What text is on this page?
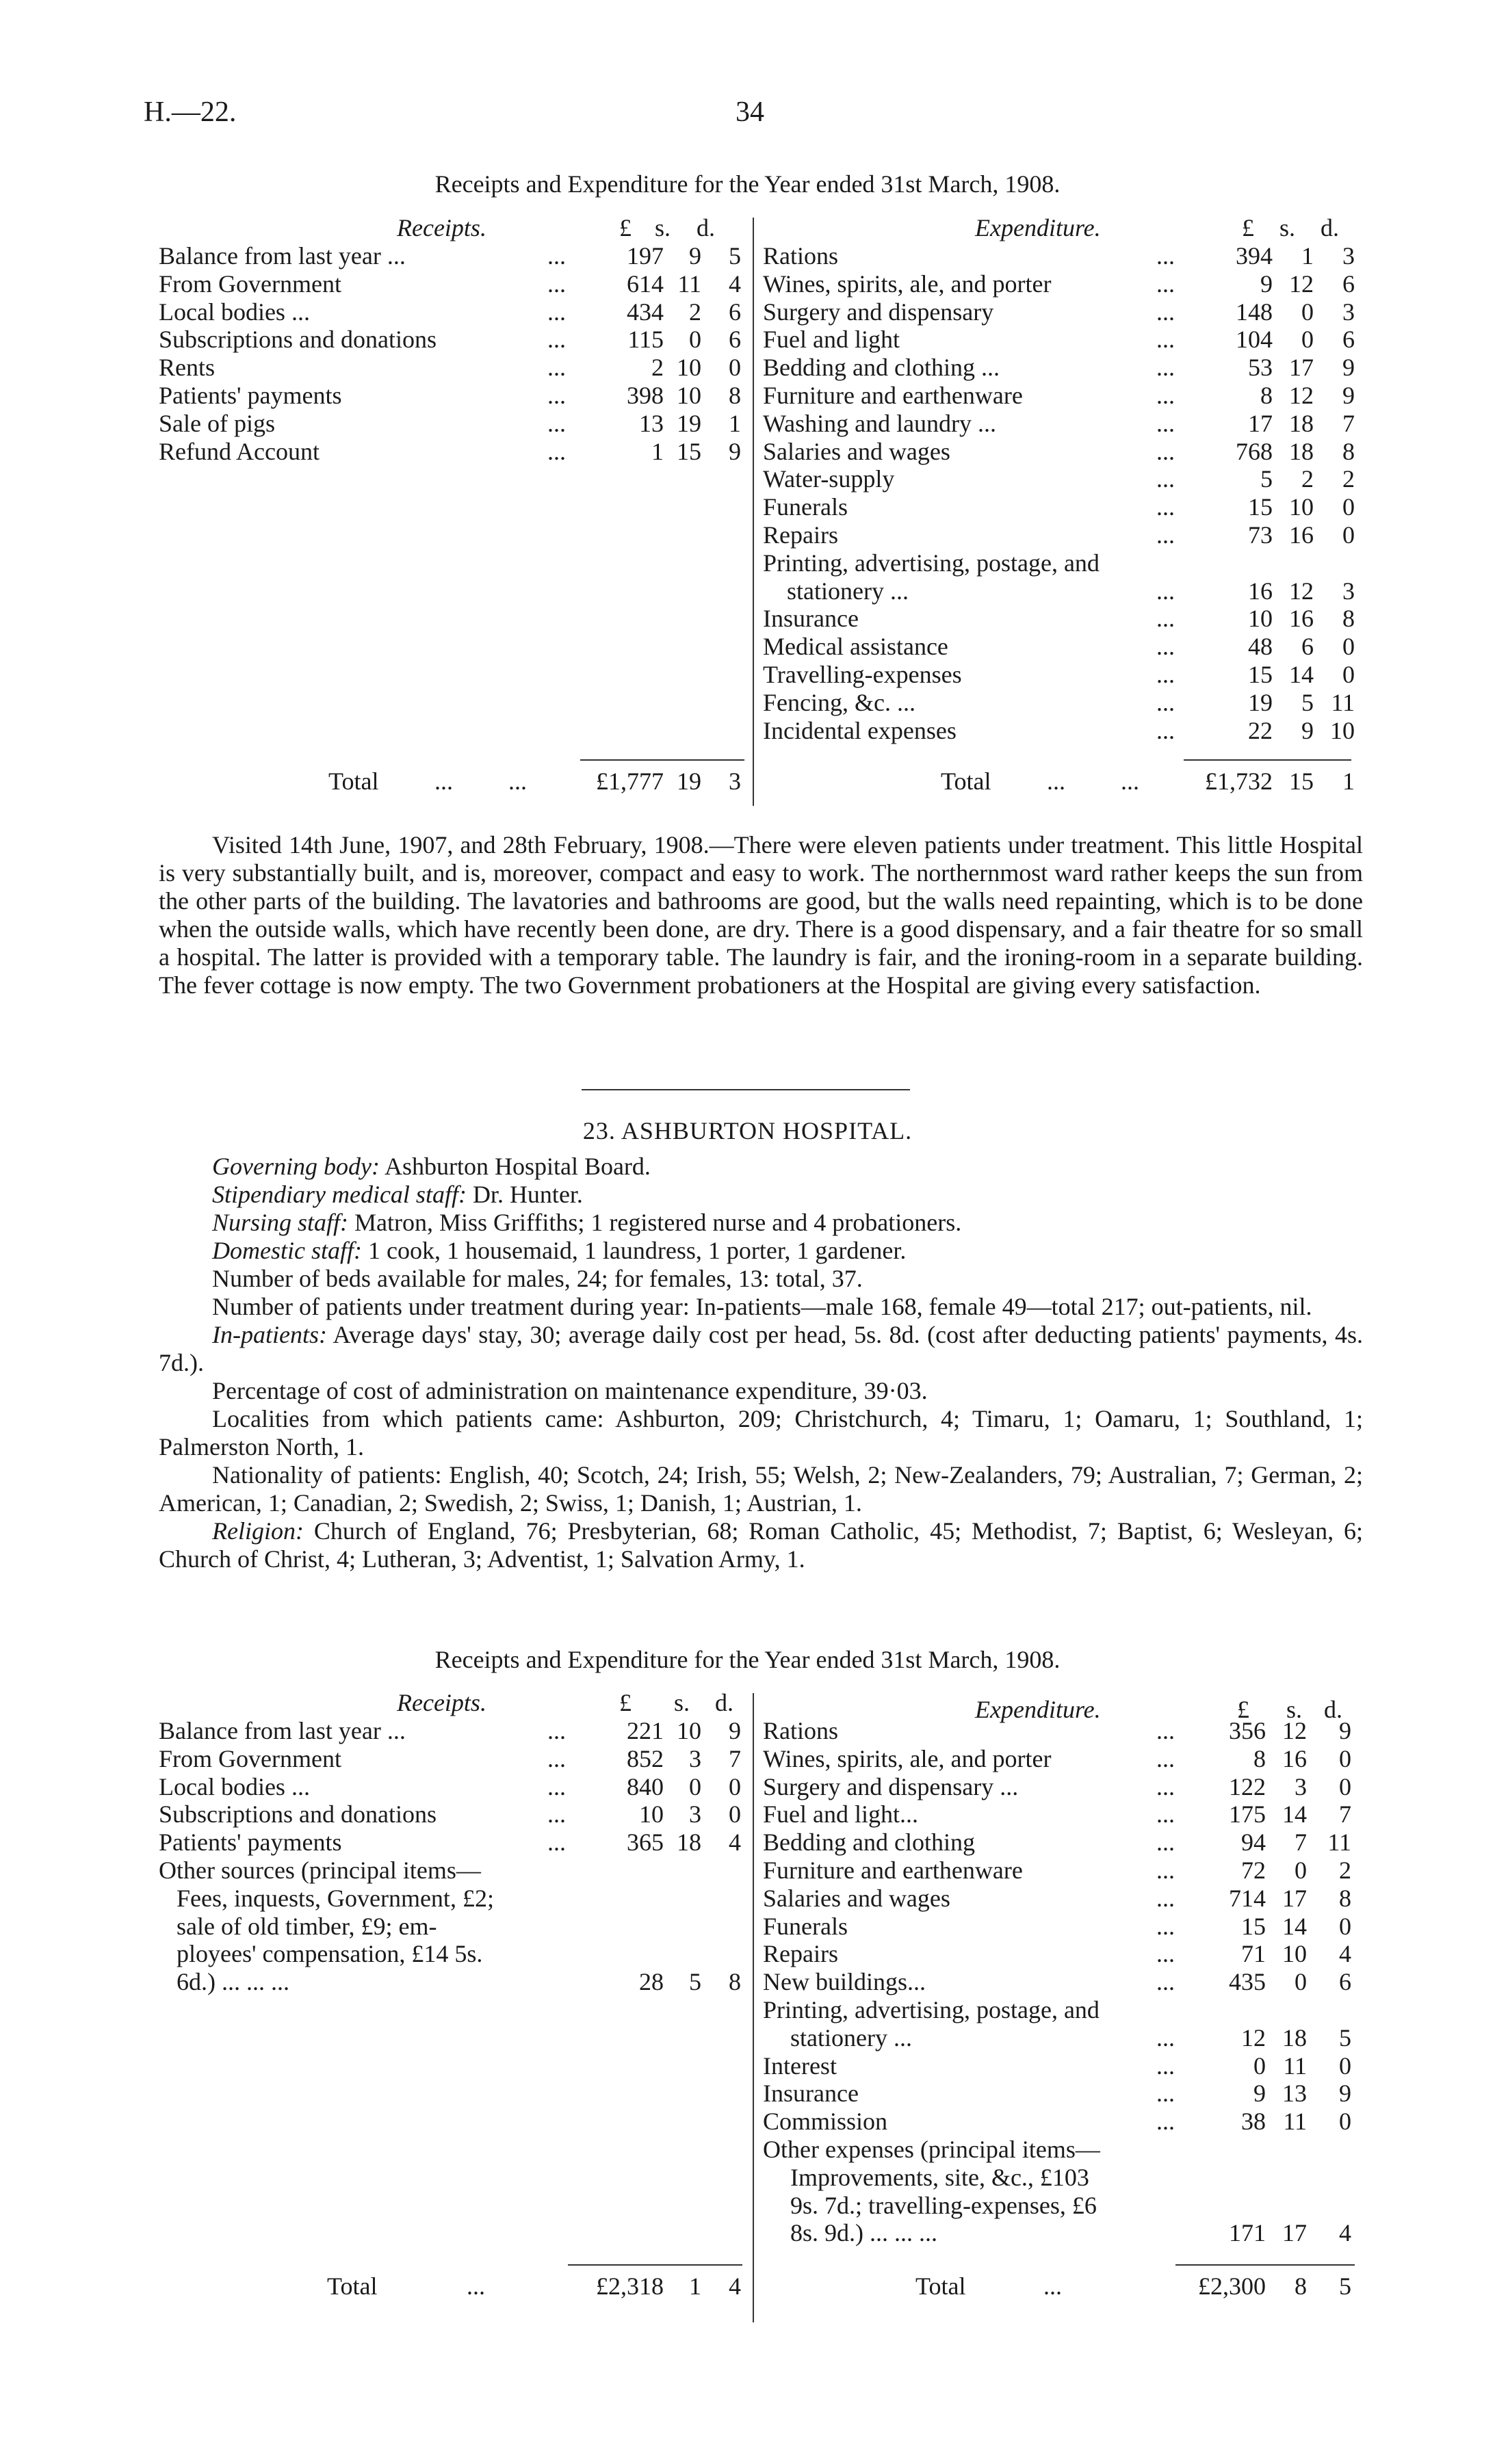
H.—22.	34
Receipts and Expenditure for the Year ended 31st March, 1908.
Receipts.	Expenditure.
£ s. d.	£ s. d.
Balance from last year ...	...	197	9	5
From Government	...	614 11	4
Local bodies ...	...	434	2	6
Subscriptions and donations	...	115	0	6
Rents	...	2 10	0
Patients' payments	...	398 10	8
Sale of pigs	...	13 19	1
Refund Account	...	1 15	9
Rations	...	394	1	3
Wines, spirits, ale, and porter	...	9 12	6
Surgery and dispensary	...	148	0	3
Fuel and light	...	104	0	6
Bedding and clothing ...	...	53 17	9
Furniture and earthenware	...	8 12	9
Washing and laundry ...	...	17 18	7
Salaries and wages	...	768 18	8
Water-supply	...	5	2	2
Funerals	...	15 10	0
Repairs	...	73 16	0
Printing, advertising, postage, and
stationery ...	...	16 12	3
Insurance	...	10 16	8
Medical assistance	...	48	6	0
Travelling-expenses	...	15 14	0
Fencing, &c. ...	...	19	5 11
Incidental expenses	...	22	9 10
Total ...         ...	£1,777 19	3	Total ...         ...	£1,732 15	1

Visited 14th June, 1907, and 28th February, 1908.—There were eleven patients under treatment. This little Hospital is very substantially built, and is, moreover, compact and easy to work. The northernmost ward rather keeps the sun from the other parts of the building. The lavatories and bathrooms are good, but the walls need repainting, which is to be done when the outside walls, which have recently been done, are dry. There is a good dispensary, and a fair theatre for so small a hospital. The latter is provided with a temporary table. The laundry is fair, and the ironing-room in a separate building. The fever cottage is now empty. The two Government probationers at the Hospital are giving every satisfaction.

23. ASHBURTON HOSPITAL.

Governing body: Ashburton Hospital Board.

Stipendiary medical staff: Dr. Hunter.

Nursing staff: Matron, Miss Griffiths; 1 registered nurse and 4 probationers.

Domestic staff: 1 cook, 1 housemaid, 1 laundress, 1 porter, 1 gardener.

Number of beds available for males, 24; for females, 13: total, 37.

Number of patients under treatment during year: In-patients—male 168, female 49—total 217; out-patients, nil.

In-patients: Average days' stay, 30; average daily cost per head, 5s. 8d. (cost after deducting patients' payments, 4s. 7d.).

Percentage of cost of administration on maintenance expenditure, 39·03.

Localities from which patients came: Ashburton, 209; Christchurch, 4; Timaru, 1; Oamaru, 1; Southland, 1; Palmerston North, 1.

Nationality of patients: English, 40; Scotch, 24; Irish, 55; Welsh, 2; New-Zealanders, 79; Australian, 7; German, 2; American, 1; Canadian, 2; Swedish, 2; Swiss, 1; Danish, 1; Austrian, 1.

Religion: Church of England, 76; Presbyterian, 68; Roman Catholic, 45; Methodist, 7; Baptist, 6; Wesleyan, 6; Church of Christ, 4; Lutheran, 3; Adventist, 1; Salvation Army, 1.

Receipts and Expenditure for the Year ended 31st March, 1908.
Receipts.	Expenditure.
£ s. d.	£ s. d.
Balance from last year ...	...	221 10	9
From Government	...	852	3	7
Local bodies ...	...	840	0	0
Subscriptions and donations	...	10	3	0
Patients' payments	...	365 18	4
Other sources (principal items—
Fees, inquests, Government, £2;
sale of old timber, £9; em-
ployees' compensation, £14 5s.
6d.) ... ... ...	28	5	8
Rations	...	356 12	9
Wines, spirits, ale, and porter	...	8 16	0
Surgery and dispensary ...	...	122	3	0
Fuel and light...	...	175 14	7
Bedding and clothing	...	94	7 11
Furniture and earthenware	...	72	0	2
Salaries and wages	...	714 17	8
Funerals	...	15 14	0
Repairs	...	71 10	4
New buildings...	...	435	0	6
Printing, advertising, postage, and
stationery ...	...	12 18	5
Interest	...	0 11	0
Insurance	...	9 13	9
Commission	...	38 11	0
Other expenses (principal items—
Improvements, site, &c., £103
9s. 7d.; travelling-expenses, £6
8s. 9d.) ... ... ...	171 17	4
Total	...	£2,318	1	4	Total	...	£2,300	8	5
